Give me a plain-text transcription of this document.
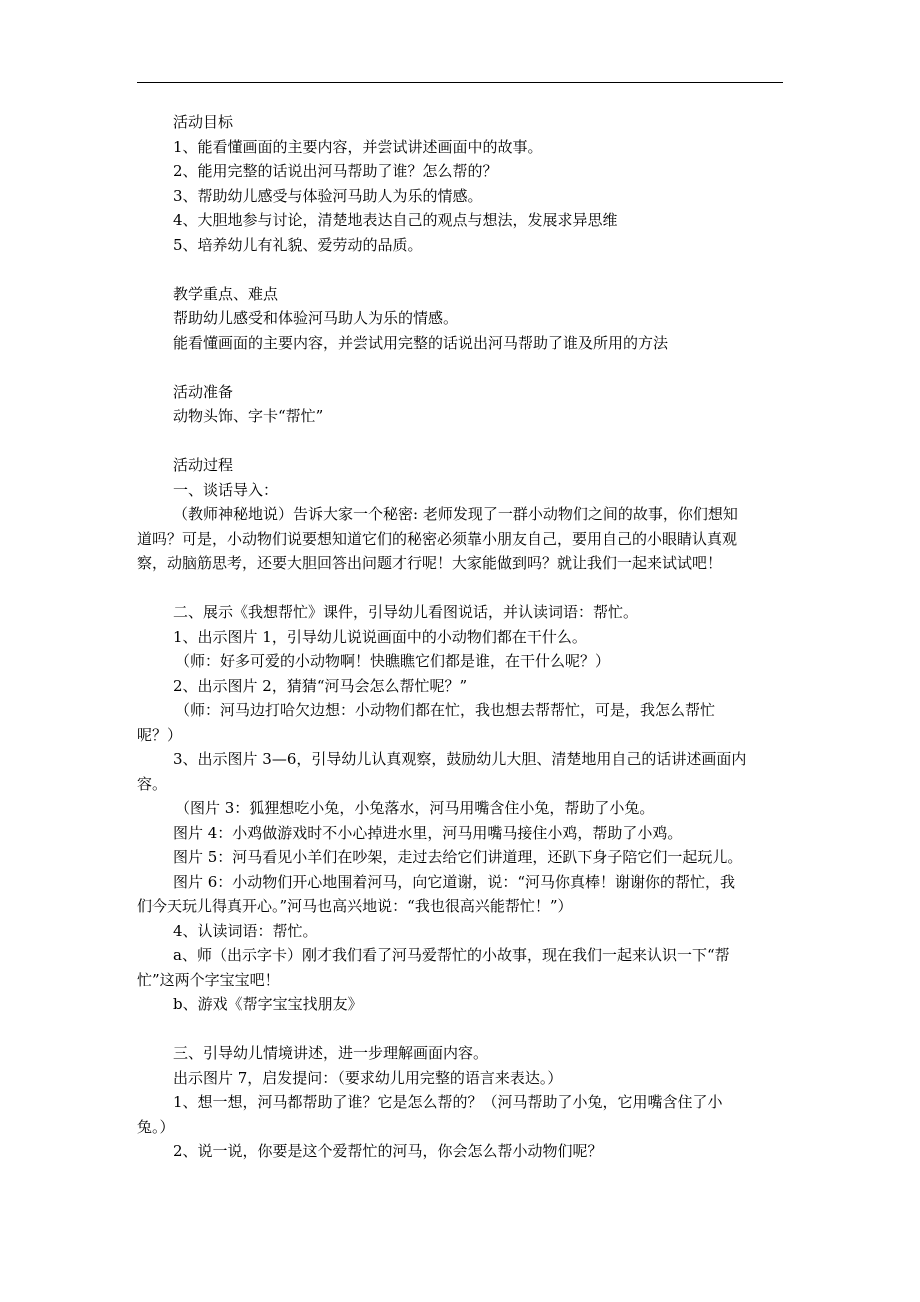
活动目标
1、能看懂画面的主要内容，并尝试讲述画面中的故事。
2、能用完整的话说出河马帮助了谁？怎么帮的？
3、帮助幼儿感受与体验河马助人为乐的情感。
4、大胆地参与讨论，清楚地表达自己的观点与想法，发展求异思维
5、培养幼儿有礼貌、爱劳动的品质。
教学重点、难点
帮助幼儿感受和体验河马助人为乐的情感。
能看懂画面的主要内容，并尝试用完整的话说出河马帮助了谁及所用的方法
活动准备
动物头饰、字卡“帮忙”
活动过程
一、谈话导入：
（教师神秘地说）告诉大家一个秘密: 老师发现了一群小动物们之间的故事，你们想知
道吗？可是，小动物们说要想知道它们的秘密必须靠小朋友自己，要用自己的小眼睛认真观
察，动脑筋思考，还要大胆回答出问题才行呢！大家能做到吗？就让我们一起来试试吧！
二、展示《我想帮忙》课件，引导幼儿看图说话，并认读词语：帮忙。
1、出示图片 1，引导幼儿说说画面中的小动物们都在干什么。
（师：好多可爱的小动物啊！快瞧瞧它们都是谁，在干什么呢？）
2、出示图片 2，猜猜“河马会怎么帮忙呢？”
（师：河马边打哈欠边想：小动物们都在忙，我也想去帮帮忙，可是，我怎么帮忙
呢？）
3、出示图片 3—6，引导幼儿认真观察，鼓励幼儿大胆、清楚地用自己的话讲述画面内
容。
（图片 3：狐狸想吃小兔，小兔落水，河马用嘴含住小兔，帮助了小兔。
图片 4：小鸡做游戏时不小心掉进水里，河马用嘴马接住小鸡，帮助了小鸡。
图片 5：河马看见小羊们在吵架，走过去给它们讲道理，还趴下身子陪它们一起玩儿。
图片 6：小动物们开心地围着河马，向它道谢，说：“河马你真棒！谢谢你的帮忙，我
们今天玩儿得真开心。”河马也高兴地说：“我也很高兴能帮忙！”）
4、认读词语：帮忙。
a、师（出示字卡）刚才我们看了河马爱帮忙的小故事，现在我们一起来认识一下“帮
忙”这两个字宝宝吧！
b、游戏《帮字宝宝找朋友》
三、引导幼儿情境讲述，进一步理解画面内容。
出示图片 7，启发提问：（要求幼儿用完整的语言来表达。）
1、想一想，河马都帮助了谁？它是怎么帮的？（河马帮助了小兔，它用嘴含住了小
兔。）
2、说一说，你要是这个爱帮忙的河马，你会怎么帮小动物们呢？
